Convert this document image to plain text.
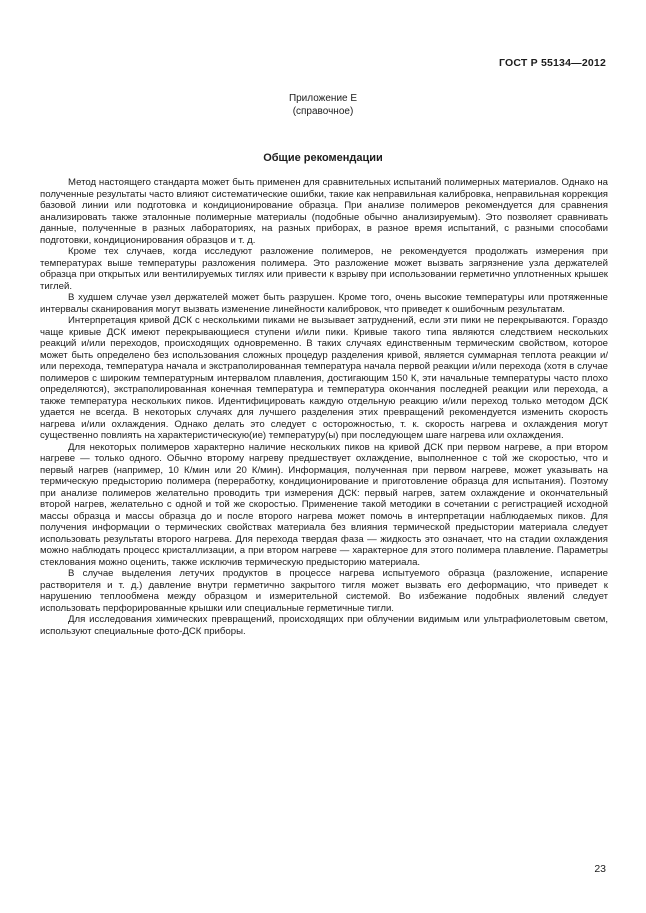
ГОСТ Р 55134—2012
Приложение Е
(справочное)
Общие рекомендации

Метод настоящего стандарта может быть применен для сравнительных испытаний полимерных материалов. Однако на полученные результаты часто влияют систематические ошибки, такие как неправильная калибровка, неправильная коррекция базовой линии или подготовка и кондиционирование образца. При анализе полимеров рекомендуется для сравнения анализировать также эталонные полимерные материалы (подобные обычно анализируемым). Это позволяет сравнивать данные, полученные в разных лабораториях, на разных приборах, в разное время испытаний, с разными способами подготовки, кондиционирования образцов и т. д.

Кроме тех случаев, когда исследуют разложение полимеров, не рекомендуется продолжать измерения при температурах выше температуры разложения полимера. Это разложение может вызвать загрязнение узла держателей образца при открытых или вентилируемых тиглях или привести к взрыву при использовании герметично уплотненных крышек тиглей.

В худшем случае узел держателей может быть разрушен. Кроме того, очень высокие температуры или протяженные интервалы сканирования могут вызвать изменение линейности калибровок, что приведет к ошибочным результатам.

Интерпретация кривой ДСК с несколькими пиками не вызывает затруднений, если эти пики не перекрываются. Гораздо чаще кривые ДСК имеют перекрывающиеся ступени и/или пики. Кривые такого типа являются следствием нескольких реакций и/или переходов, происходящих одновременно. В таких случаях единственным термическим свойством, которое может быть определено без использования сложных процедур разделения кривой, является суммарная теплота реакции и/или перехода, температура начала и экстраполированная температура начала первой реакции и/или перехода (хотя в случае полимеров с широким температурным интервалом плавления, достигающим 150 К, эти начальные температуры часто плохо определяются), экстраполированная конечная температура и температура окончания последней реакции или перехода, а также температура нескольких пиков. Идентифицировать каждую отдельную реакцию и/или переход только методом ДСК удается не всегда. В некоторых случаях для лучшего разделения этих превращений рекомендуется изменить скорость нагрева и/или охлаждения. Однако делать это следует с осторожностью, т. к. скорость нагрева и охлаждения могут существенно повлиять на характеристическую(ие) температуру(ы) при последующем шаге нагрева или охлаждения.

Для некоторых полимеров характерно наличие нескольких пиков на кривой ДСК при первом нагреве, а при втором нагреве — только одного. Обычно второму нагреву предшествует охлаждение, выполненное с той же скоростью, что и первый нагрев (например, 10 К/мин или 20 К/мин). Информация, полученная при первом нагреве, может указывать на термическую предысторию полимера (переработку, кондиционирование и приготовление образца для испытания). Поэтому при анализе полимеров желательно проводить три измерения ДСК: первый нагрев, затем охлаждение и окончательный второй нагрев, желательно с одной и той же скоростью. Применение такой методики в сочетании с регистрацией исходной массы образца и массы образца до и после второго нагрева может помочь в интерпретации наблюдаемых пиков. Для получения информации о термических свойствах материала без влияния термической предыстории материала следует использовать результаты второго нагрева. Для перехода твердая фаза — жидкость это означает, что на стадии охлаждения можно наблюдать процесс кристаллизации, а при втором нагреве — характерное для этого полимера плавление. Параметры стеклования можно оценить, также исключив термическую предысторию материала.

В случае выделения летучих продуктов в процессе нагрева испытуемого образца (разложение, испарение растворителя и т. д.) давление внутри герметично закрытого тигля может вызвать его деформацию, что приведет к нарушению теплообмена между образцом и измерительной системой. Во избежание подобных явлений следует использовать перфорированные крышки или специальные герметичные тигли.

Для исследования химических превращений, происходящих при облучении видимым или ультрафиолетовым светом, используют специальные фото-ДСК приборы.

23
